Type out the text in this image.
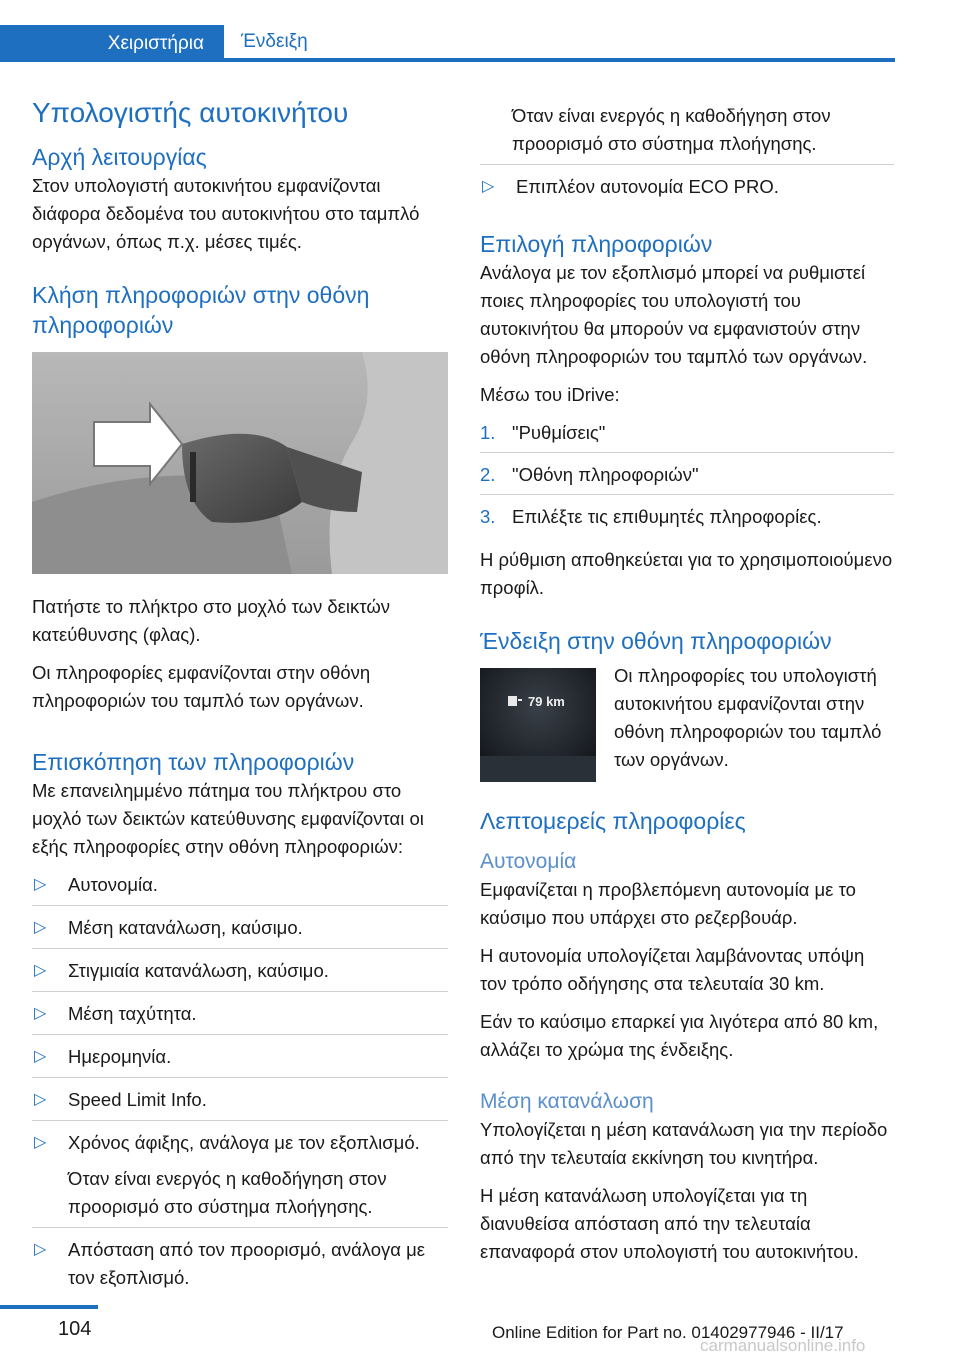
Χειριστήρια	Ένδειξη
Υπολογιστής αυτοκινήτου
Αρχή λειτουργίας

Στον υπολογιστή αυτοκινήτου εμφανίζονται διάφορα δεδομένα του αυτοκινήτου στο ταμπλό οργάνων, όπως π.χ. μέσες τιμές.

Κλήση πληροφοριών στην οθόνη πληροφοριών

Πατήστε το πλήκτρο στο μοχλό των δεικτών κατεύθυνσης (φλας).

Οι πληροφορίες εμφανίζονται στην οθόνη πληροφοριών του ταμπλό των οργάνων.

Επισκόπηση των πληροφοριών

Με επανειλημμένο πάτημα του πλήκτρου στο μοχλό των δεικτών κατεύθυνσης εμφανίζονται οι εξής πληροφορίες στην οθόνη πληροφοριών:

▷ Αυτονομία.
▷ Μέση κατανάλωση, καύσιμο.
▷ Στιγμιαία κατανάλωση, καύσιμο.
▷ Μέση ταχύτητα.
▷ Ημερομηνία.
▷ Speed Limit Info.
▷ Χρόνος άφιξης, ανάλογα με τον εξοπλισμό.
Όταν είναι ενεργός η καθοδήγηση στον προορισμό στο σύστημα πλοήγησης.
▷ Απόσταση από τον προορισμό, ανάλογα με τον εξοπλισμό.
Όταν είναι ενεργός η καθοδήγηση στον προορισμό στο σύστημα πλοήγησης.
▷ Επιπλέον αυτονομία ECO PRO.
Επιλογή πληροφοριών

Ανάλογα με τον εξοπλισμό μπορεί να ρυθμιστεί ποιες πληροφορίες του υπολογιστή του αυτοκινήτου θα μπορούν να εμφανιστούν στην οθόνη πληροφοριών του ταμπλό των οργάνων.

Μέσω του iDrive:

1. "Ρυθμίσεις"
2. "Οθόνη πληροφοριών"
3. Επιλέξτε τις επιθυμητές πληροφορίες.

Η ρύθμιση αποθηκεύεται για το χρησιμοποιούμενο προφίλ.

Ένδειξη στην οθόνη πληροφοριών
79 km

Οι πληροφορίες του υπολογιστή αυτοκινήτου εμφανίζονται στην οθόνη πληροφοριών του ταμπλό των οργάνων.

Λεπτομερείς πληροφορίες
Αυτονομία

Εμφανίζεται η προβλεπόμενη αυτονομία με το καύσιμο που υπάρχει στο ρεζερβουάρ.

Η αυτονομία υπολογίζεται λαμβάνοντας υπόψη τον τρόπο οδήγησης στα τελευταία 30 km.

Εάν το καύσιμο επαρκεί για λιγότερα από 80 km, αλλάζει το χρώμα της ένδειξης.

Μέση κατανάλωση

Υπολογίζεται η μέση κατανάλωση για την περίοδο από την τελευταία εκκίνηση του κινητήρα.

Η μέση κατανάλωση υπολογίζεται για τη διανυθείσα απόσταση από την τελευταία επαναφορά στον υπολογιστή του αυτοκινήτου.

104	Online Edition for Part no. 01402977946 - II/17
carmanualsonline.info
